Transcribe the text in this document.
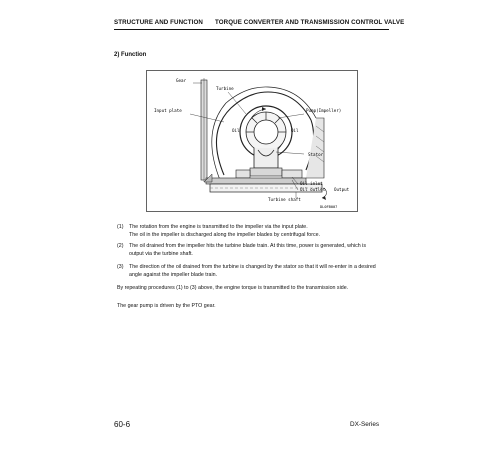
STRUCTURE AND FUNCTION TORQUE CONVERTER AND TRANSMISSION CONTROL VALVE
2) Function
Gear
Turbine
Input plate	Pump(Impeller)
Oil	Oil
Stator
Oil inlet
Oil outlet Output
Turbine shaft
DL0FB007
(1)	The rotation from the engine is transmitted to the impeller via the input plate.
The oil in the impeller is discharged along the impeller blades by centrifugal force.
(2)	The oil drained from the impeller hits the turbine blade train. At this time, power is generated, which is
output via the turbine shaft.
(3)	The direction of the oil drained from the turbine is changed by the stator so that it will re-enter in a desired
angle against the impeller blade train.
By repeating procedures (1) to (3) above, the engine torque is transmitted to the transmission side.
The gear pump is driven by the PTO gear.
60-6	DX-Series
